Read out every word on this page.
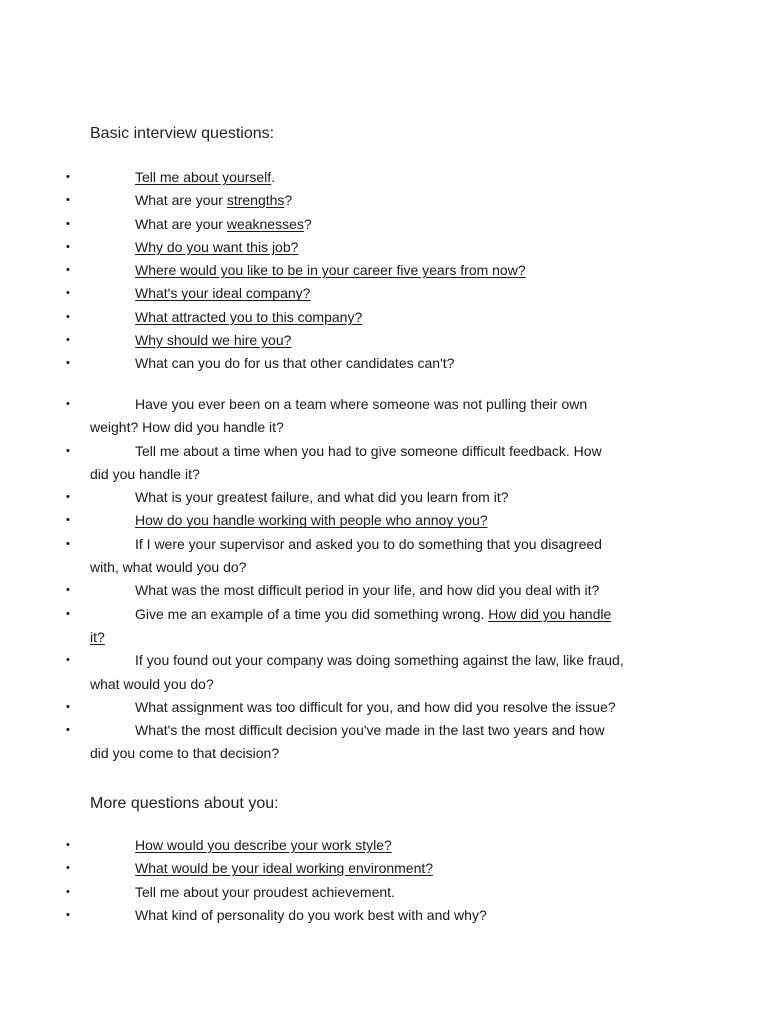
Basic interview questions:
•	Tell me about yourself.
•	What are your strengths?
•	What are your weaknesses?
•	Why do you want this job?
•	Where would you like to be in your career five years from now?
•	What's your ideal company?
•	What attracted you to this company?
•	Why should we hire you?
•	What can you do for us that other candidates can't?
•	Have you ever been on a team where someone was not pulling their own
weight? How did you handle it?
•	Tell me about a time when you had to give someone difficult feedback. How
did you handle it?
•	What is your greatest failure, and what did you learn from it?
•	How do you handle working with people who annoy you?
•	If I were your supervisor and asked you to do something that you disagreed
with, what would you do?
•	What was the most difficult period in your life, and how did you deal with it?
•	Give me an example of a time you did something wrong. How did you handle
it?
•	If you found out your company was doing something against the law, like fraud,
what would you do?
•	What assignment was too difficult for you, and how did you resolve the issue?
•	What's the most difficult decision you've made in the last two years and how
did you come to that decision?
More questions about you:
•	How would you describe your work style?
•	What would be your ideal working environment?
•	Tell me about your proudest achievement.
•	What kind of personality do you work best with and why?
